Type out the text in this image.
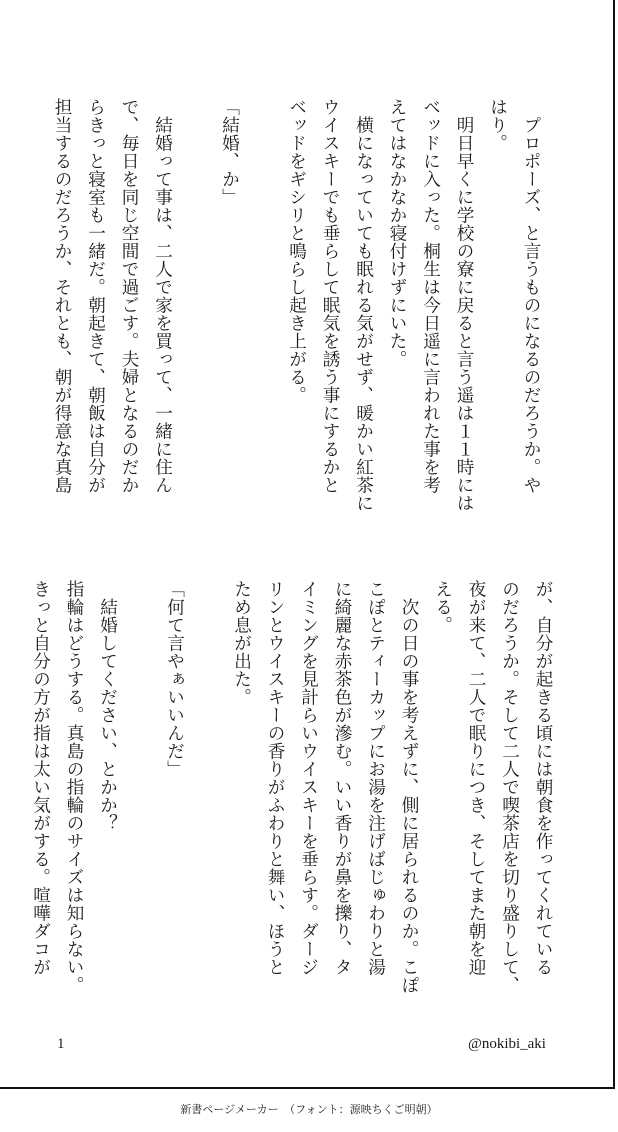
　プロポーズ、と言うものになるのだろうか。や
はり。
　明日早くに学校の寮に戻ると言う遥は１１時には
ベッドに入った。桐生は今日遥に言われた事を考
えてはなかなか寝付けずにいた。
　横になっていても眠れる気がせず、暖かい紅茶に
ウイスキーでも垂らして眠気を誘う事にするかと
ベッドをギシリと鳴らし起き上がる。

「結婚、か」

　結婚って事は、二人で家を買って、一緒に住ん
で、毎日を同じ空間で過ごす。夫婦となるのだか
らきっと寝室も一緒だ。朝起きて、朝飯は自分が
担当するのだろうか、それとも、朝が得意な真島
が、自分が起きる頃には朝食を作ってくれている
のだろうか。そして二人で喫茶店を切り盛りして、
夜が来て、二人で眠りにつき、そしてまた朝を迎
える。
　次の日の事を考えずに、側に居られるのか。こぽ
こぽとティーカップにお湯を注げばじゅわりと湯
に綺麗な赤茶色が滲む。いい香りが鼻を擽り、タ
イミングを見計らいウイスキーを垂らす。ダージ
リンとウイスキーの香りがふわりと舞い、ほうと
ため息が出た。

「何て言やぁいいんだ」

　結婚してください、とかか？
指輪はどうする。真島の指輪のサイズは知らない。
きっと自分の方が指は太い気がする。喧嘩ダコが
1	@nokibi_aki
新書ページメーカー　（フォント：源映ちくご明朝）
